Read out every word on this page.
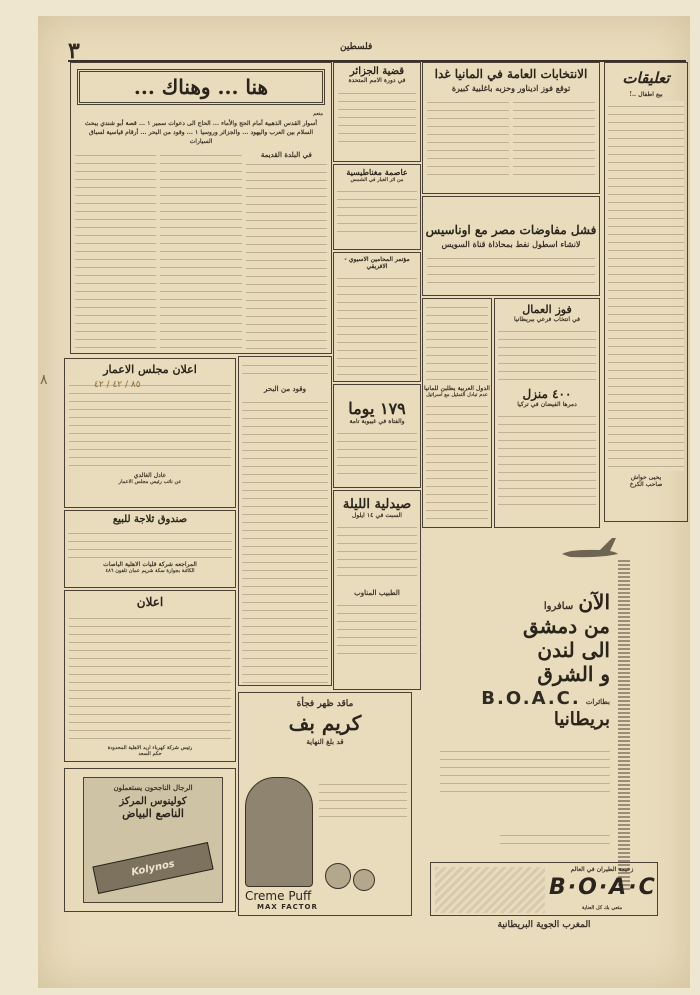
۸
٣	فلسطين
هنا ... وهناك ...
منعم
أسوار القدس الذهبية أمام الحج والأماء ... الحاج الى دعوات سمير ١ ... قصة أبو شندي يبحث السلام بين العرب واليهود ... والجزائر وروسيا ١ ... وقود من البحر ... أرقام قياسية لسباق السيارات
في البلدة القديمة
قضية الجزائر
في دورة الامم المتحدة
عاصمة مغناطيسية
من اثر الغبار في الشمس
مؤتمر المحامين الاسيوي - الافريقي
١٧٩ يوما
والفتاة في غيبوبة تامة
صيدلية الليلة
السبت في ١٤ ايلول
الطبيب المناوب
وقود من البحر
الانتخابات العامة في المانيا غدا
توقع فوز اديناور وحزبه باغلبية كبيرة
فشل مفاوضات مصر مع اوناسيس
لانشاء اسطول نفط بمحاذاة قناة السويس
الدول العربية يطلبن للمانيا
عدم تبادل التمثيل مع اسرائيل
فوز العمال
في انتخاب فرعي ببريطانيا
٤٠٠ منزل
دمرها الفيضان في تركيا
تعليقات
بيع اطفال ..!
يحيى حواش
صاحب الكرخ
اعلان مجلس الاعمار
عادل الغالدي
عن نائب رئيس مجلس الاعمار
٨٥ / ٤٢ / ٤٢
صندوق ثلاجة للبيع
المراجعه شركة قليات الاهلية الباصات
الكائنة بجوارة سكة شريم عمان تلفون ٤٨٦
اعلان
رئيس شركة كهرباء اربد الاهلية المحدودة
حكم السعد
الرجال الناجحون يستعملون
كولينوس المركز
الناصع البياض
Kolynos
ماقد ظهر فجأة
كريم بف
قد بلغ النهاية
Creme Puff
MAX FACTOR
الآن سافروا
من دمشق
الى لندن
و الشرق
B.O.A.C. بطائرات
بريطانيا
زعيمة الطيران في العالم
B·O·A·C
متعي بك كل العناية
المغرب الجوية البريطانية
